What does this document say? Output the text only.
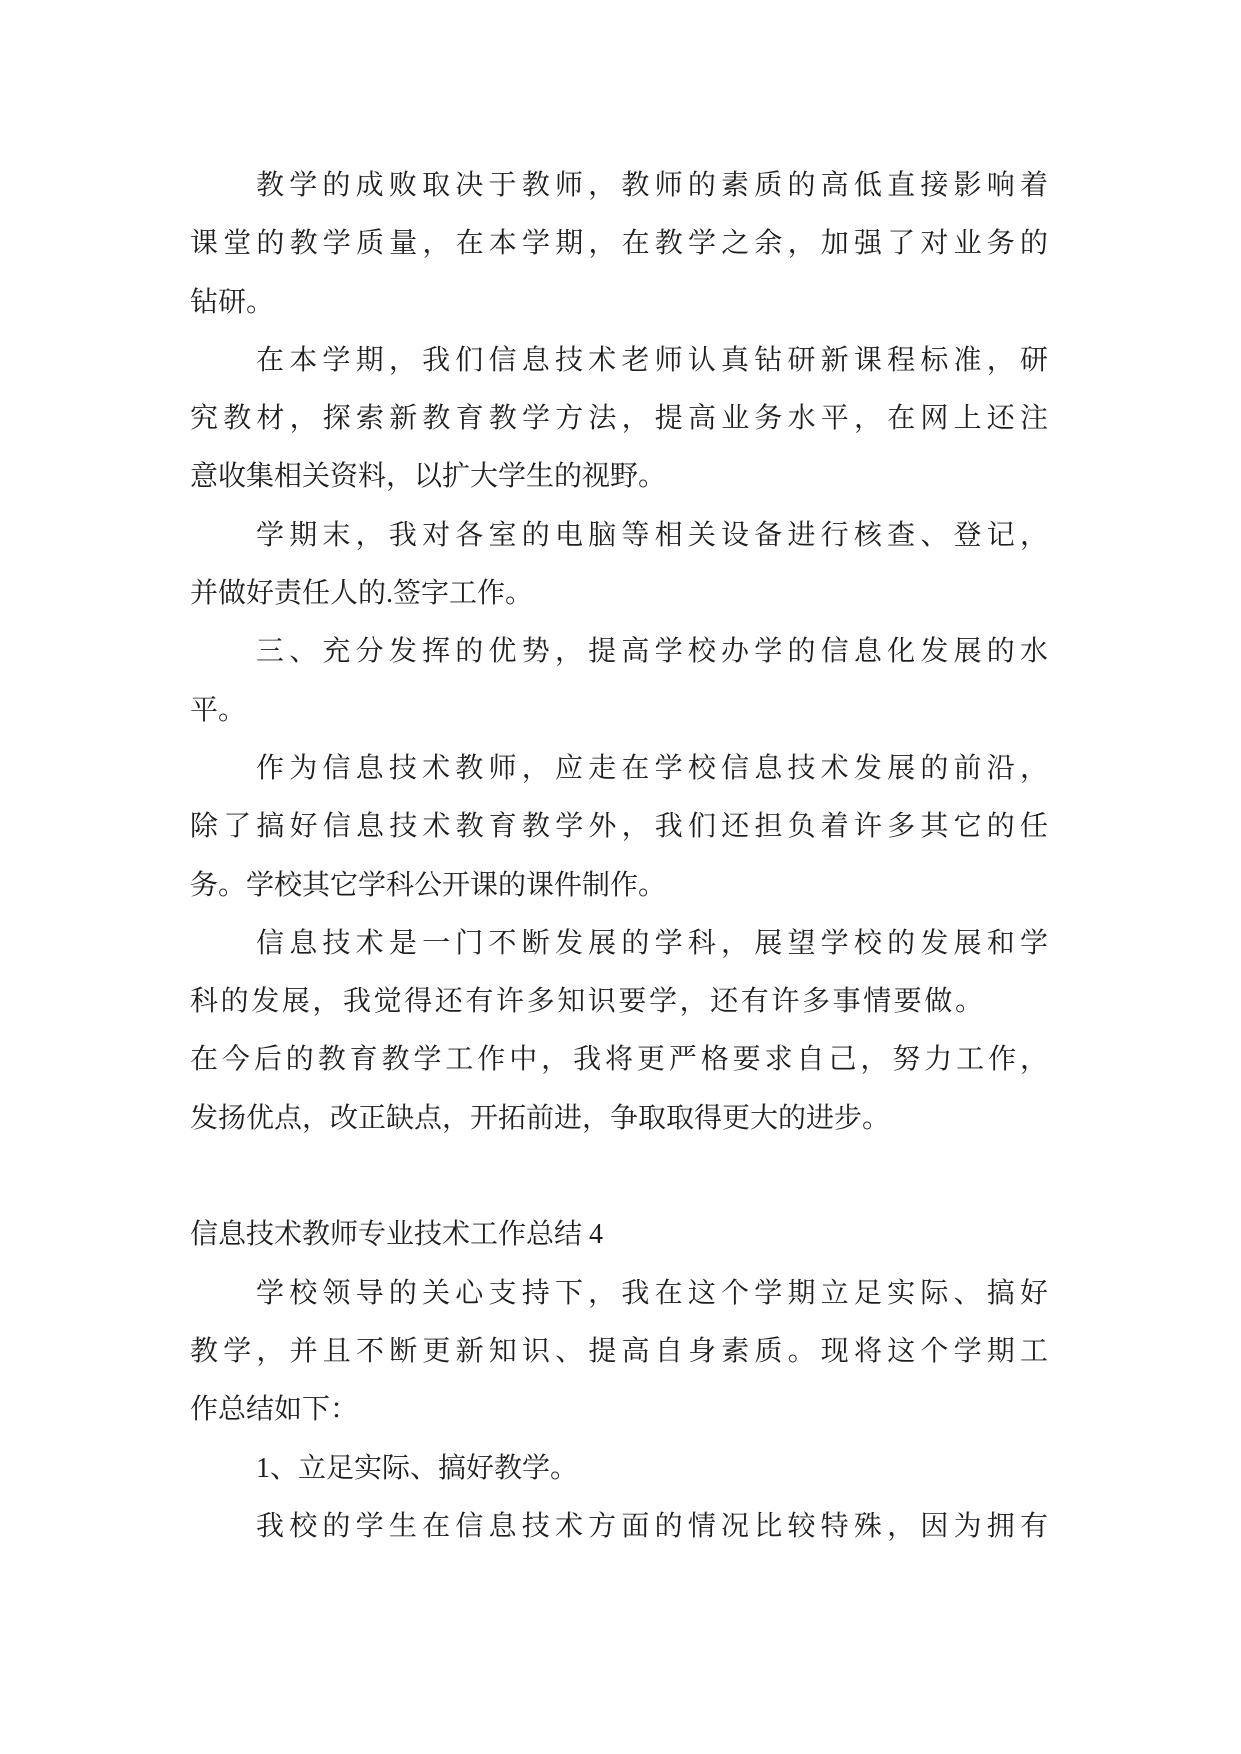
教学的成败取决于教师，教师的素质的高低直接影响着
课堂的教学质量，在本学期，在教学之余，加强了对业务的
钻研。
在本学期，我们信息技术老师认真钻研新课程标准，研
究教材，探索新教育教学方法，提高业务水平，在网上还注
意收集相关资料，以扩大学生的视野。
学期末，我对各室的电脑等相关设备进行核查、登记，
并做好责任人的.签字工作。
三、充分发挥的优势，提高学校办学的信息化发展的水
平。
作为信息技术教师，应走在学校信息技术发展的前沿，
除了搞好信息技术教育教学外，我们还担负着许多其它的任
务。学校其它学科公开课的课件制作。
信息技术是一门不断发展的学科，展望学校的发展和学
科的发展，我觉得还有许多知识要学，还有许多事情要做。
在今后的教育教学工作中，我将更严格要求自己，努力工作，
发扬优点，改正缺点，开拓前进，争取取得更大的进步。
信息技术教师专业技术工作总结 4
学校领导的关心支持下，我在这个学期立足实际、搞好
教学，并且不断更新知识、提高自身素质。现将这个学期工
作总结如下：
1、立足实际、搞好教学。
我校的学生在信息技术方面的情况比较特殊，因为拥有
